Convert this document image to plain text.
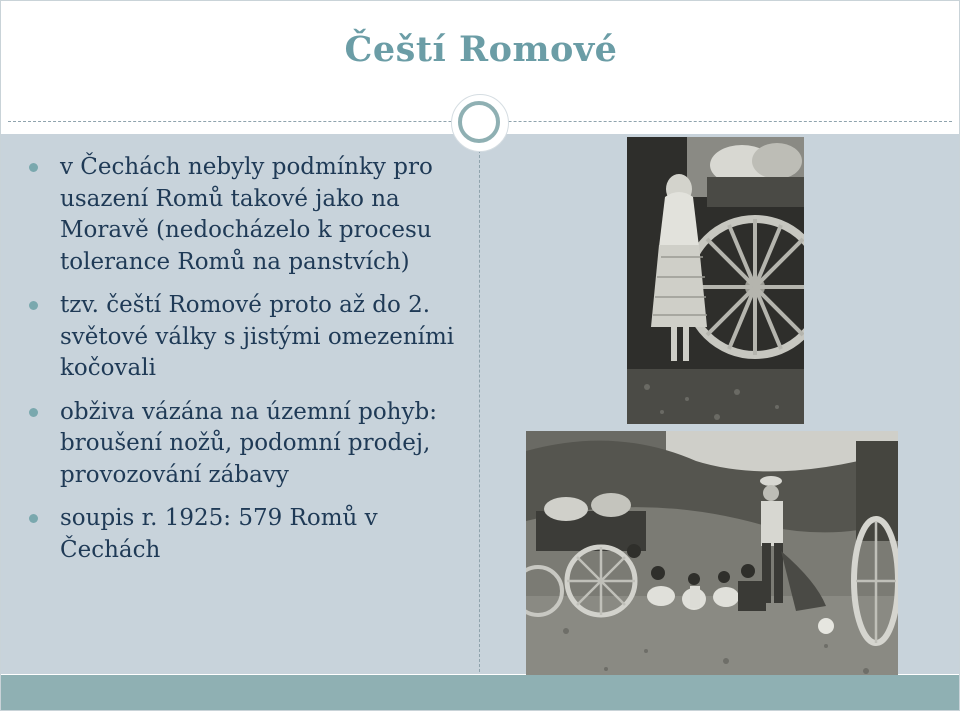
Čeští Romové
v Čechách nebyly podmínky pro usazení Romů takové jako na Moravě (nedocházelo k procesu tolerance Romů na panstvích)
tzv. čeští Romové proto až do 2. světové války s jistými omezeními kočovali
obživa vázána na územní pohyb: broušení nožů, podomní prodej, provozování zábavy
soupis r. 1925: 579 Romů v Čechách
